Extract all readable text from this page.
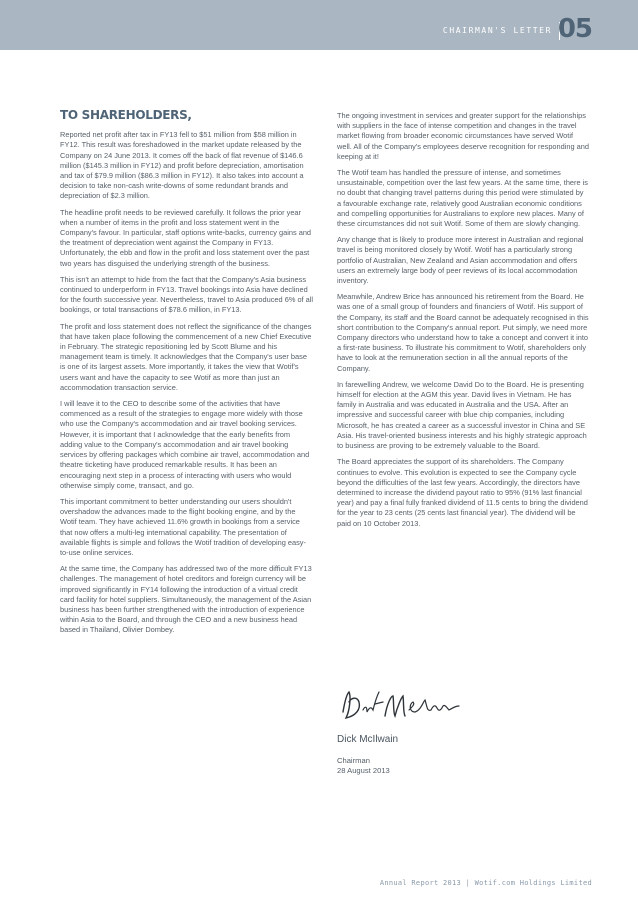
CHAIRMAN'S LETTER 05
TO SHAREHOLDERS,

Reported net profit after tax in FY13 fell to $51 million from $58 million in FY12. This result was foreshadowed in the market update released by the Company on 24 June 2013. It comes off the back of flat revenue of $146.6 million ($145.3 million in FY12) and profit before depreciation, amortisation and tax of $79.9 million ($86.3 million in FY12). It also takes into account a decision to take non-cash write-downs of some redundant brands and depreciation of $2.3 million.

The headline profit needs to be reviewed carefully. It follows the prior year when a number of items in the profit and loss statement went in the Company's favour. In particular, staff options write-backs, currency gains and the treatment of depreciation went against the Company in FY13. Unfortunately, the ebb and flow in the profit and loss statement over the past two years has disguised the underlying strength of the business.

This isn't an attempt to hide from the fact that the Company's Asia business continued to underperform in FY13. Travel bookings into Asia have declined for the fourth successive year. Nevertheless, travel to Asia produced 6% of all bookings, or total transactions of $78.6 million, in FY13.

The profit and loss statement does not reflect the significance of the changes that have taken place following the commencement of a new Chief Executive in February. The strategic repositioning led by Scott Blume and his management team is timely. It acknowledges that the Company's user base is one of its largest assets. More importantly, it takes the view that Wotif's users want and have the capacity to see Wotif as more than just an accommodation transaction service.

I will leave it to the CEO to describe some of the activities that have commenced as a result of the strategies to engage more widely with those who use the Company's accommodation and air travel booking services. However, it is important that I acknowledge that the early benefits from adding value to the Company's accommodation and air travel booking services by offering packages which combine air travel, accommodation and theatre ticketing have produced remarkable results. It has been an encouraging next step in a process of interacting with users who would otherwise simply come, transact, and go.

This important commitment to better understanding our users shouldn't overshadow the advances made to the flight booking engine, and by the Wotif team. They have achieved 11.6% growth in bookings from a service that now offers a multi-leg international capability. The presentation of available flights is simple and follows the Wotif tradition of developing easy-to-use online services.

At the same time, the Company has addressed two of the more difficult FY13 challenges. The management of hotel creditors and foreign currency will be improved significantly in FY14 following the introduction of a virtual credit card facility for hotel suppliers. Simultaneously, the management of the Asian business has been further strengthened with the introduction of experience within Asia to the Board, and through the CEO and a new business head based in Thailand, Olivier Dombey.

The ongoing investment in services and greater support for the relationships with suppliers in the face of intense competition and changes in the travel market flowing from broader economic circumstances have served Wotif well. All of the Company's employees deserve recognition for responding and keeping at it!

The Wotif team has handled the pressure of intense, and sometimes unsustainable, competition over the last few years. At the same time, there is no doubt that changing travel patterns during this period were stimulated by a favourable exchange rate, relatively good Australian economic conditions and compelling opportunities for Australians to explore new places. Many of these circumstances did not suit Wotif. Some of them are slowly changing.

Any change that is likely to produce more interest in Australian and regional travel is being monitored closely by Wotif. Wotif has a particularly strong portfolio of Australian, New Zealand and Asian accommodation and offers users an extremely large body of peer reviews of its local accommodation inventory.

Meanwhile, Andrew Brice has announced his retirement from the Board. He was one of a small group of founders and financiers of Wotif. His support of the Company, its staff and the Board cannot be adequately recognised in this short contribution to the Company's annual report. Put simply, we need more Company directors who understand how to take a concept and convert it into a first-rate business. To illustrate his commitment to Wotif, shareholders only have to look at the remuneration section in all the annual reports of the Company.

In farewelling Andrew, we welcome David Do to the Board. He is presenting himself for election at the AGM this year. David lives in Vietnam. He has family in Australia and was educated in Australia and the USA. After an impressive and successful career with blue chip companies, including Microsoft, he has created a career as a successful investor in China and SE Asia. His travel-oriented business interests and his highly strategic approach to business are proving to be extremely valuable to the Board.

The Board appreciates the support of its shareholders. The Company continues to evolve. This evolution is expected to see the Company cycle beyond the difficulties of the last few years. Accordingly, the directors have determined to increase the dividend payout ratio to 95% (91% last financial year) and pay a final fully franked dividend of 11.5 cents to bring the dividend for the year to 23 cents (25 cents last financial year). The dividend will be paid on 10 October 2013.

Dick McIlwain
Chairman
28 August 2013
Annual Report 2013 | Wotif.com Holdings Limited
